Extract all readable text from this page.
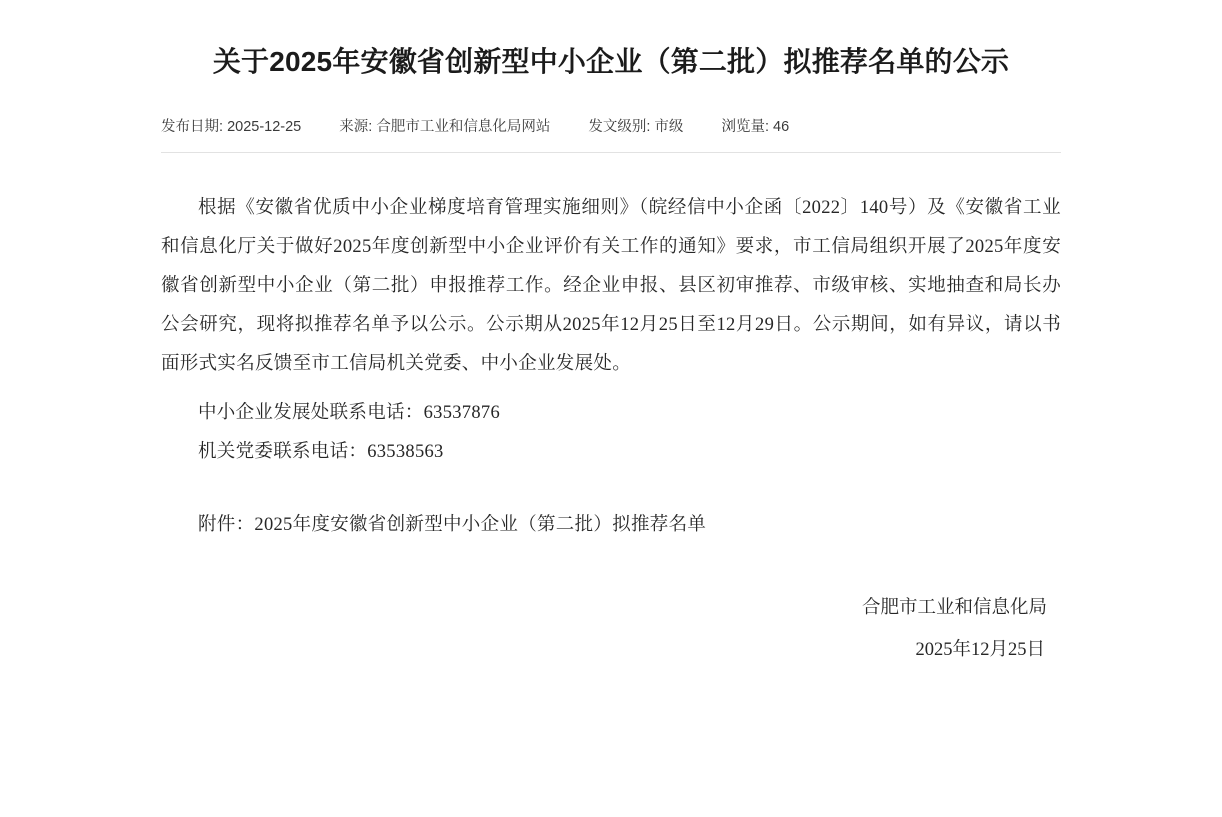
关于2025年安徽省创新型中小企业（第二批）拟推荐名单的公示
发布日期: 2025-12-25	来源: 合肥市工业和信息化局网站	发文级别: 市级	浏览量: 46

根据《安徽省优质中小企业梯度培育管理实施细则》（皖经信中小企函〔2022〕140号）及《安徽省工业和信息化厅关于做好2025年度创新型中小企业评价有关工作的通知》要求，市工信局组织开展了2025年度安徽省创新型中小企业（第二批）申报推荐工作。经企业申报、县区初审推荐、市级审核、实地抽查和局长办公会研究，现将拟推荐名单予以公示。公示期从2025年12月25日至12月29日。公示期间，如有异议，请以书面形式实名反馈至市工信局机关党委、中小企业发展处。

中小企业发展处联系电话：63537876

机关党委联系电话：63538563

附件：2025年度安徽省创新型中小企业（第二批）拟推荐名单

合肥市工业和信息化局
2025年12月25日
